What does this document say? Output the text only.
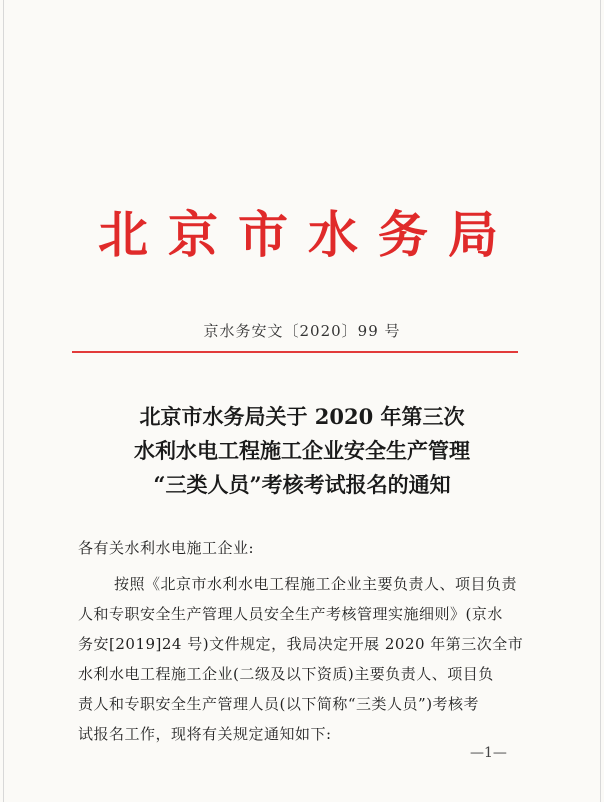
北京市水务局
京水务安文〔2020〕99 号
北京市水务局关于 2020 年第三次
水利水电工程施工企业安全生产管理
“三类人员”考核考试报名的通知
各有关水利水电施工企业:
按照《北京市水利水电工程施工企业主要负责人、项目负责
人和专职安全生产管理人员安全生产考核管理实施细则》(京水
务安[2019]24 号)文件规定，我局决定开展 2020 年第三次全市
水利水电工程施工企业(二级及以下资质)主要负责人、项目负
责人和专职安全生产管理人员(以下简称“三类人员”)考核考
试报名工作，现将有关规定通知如下:
—1—
